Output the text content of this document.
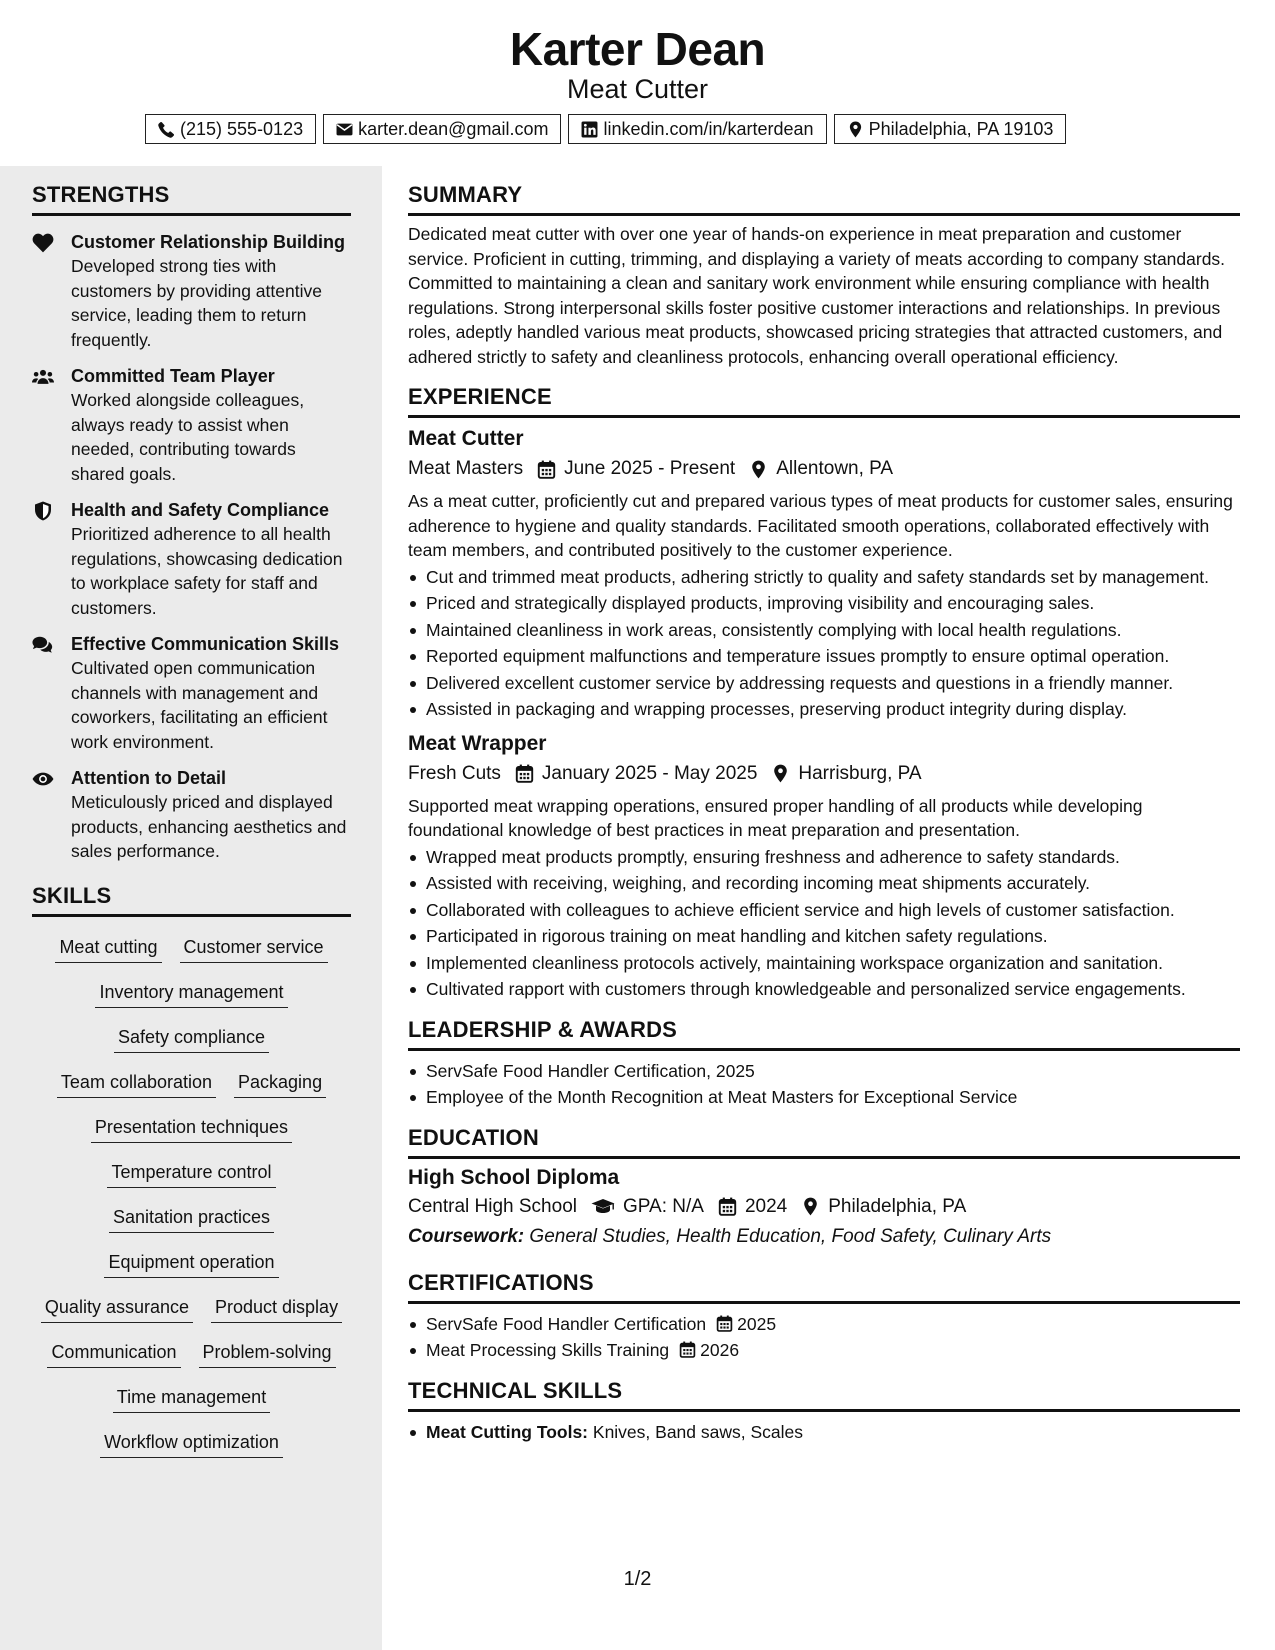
Karter Dean
Meat Cutter
(215) 555-0123	karter.dean@gmail.com	linkedin.com/in/karterdean	Philadelphia, PA 19103
STRENGTHS
Customer Relationship Building
Developed strong ties with customers by providing attentive service, leading them to return frequently.
Committed Team Player
Worked alongside colleagues, always ready to assist when needed, contributing towards shared goals.
Health and Safety Compliance
Prioritized adherence to all health regulations, showcasing dedication to workplace safety for staff and customers.
Effective Communication Skills
Cultivated open communication channels with management and coworkers, facilitating an efficient work environment.
Attention to Detail
Meticulously priced and displayed products, enhancing aesthetics and sales performance.
SKILLS
Meat cutting Customer service
Inventory management
Safety compliance
Team collaboration Packaging
Presentation techniques
Temperature control
Sanitation practices
Equipment operation
Quality assurance Product display
Communication Problem-solving
Time management
Workflow optimization
SUMMARY
Dedicated meat cutter with over one year of hands-on experience in meat preparation and customer service. Proficient in cutting, trimming, and displaying a variety of meats according to company standards. Committed to maintaining a clean and sanitary work environment while ensuring compliance with health regulations. Strong interpersonal skills foster positive customer interactions and relationships. In previous roles, adeptly handled various meat products, showcased pricing strategies that attracted customers, and adhered strictly to safety and cleanliness protocols, enhancing overall operational efficiency.
EXPERIENCE
Meat Cutter
Meat Masters June 2025 - Present Allentown, PA
As a meat cutter, proficiently cut and prepared various types of meat products for customer sales, ensuring adherence to hygiene and quality standards. Facilitated smooth operations, collaborated effectively with team members, and contributed positively to the customer experience.
Cut and trimmed meat products, adhering strictly to quality and safety standards set by management.
Priced and strategically displayed products, improving visibility and encouraging sales.
Maintained cleanliness in work areas, consistently complying with local health regulations.
Reported equipment malfunctions and temperature issues promptly to ensure optimal operation.
Delivered excellent customer service by addressing requests and questions in a friendly manner.
Assisted in packaging and wrapping processes, preserving product integrity during display.
Meat Wrapper
Fresh Cuts January 2025 - May 2025 Harrisburg, PA
Supported meat wrapping operations, ensured proper handling of all products while developing foundational knowledge of best practices in meat preparation and presentation.
Wrapped meat products promptly, ensuring freshness and adherence to safety standards.
Assisted with receiving, weighing, and recording incoming meat shipments accurately.
Collaborated with colleagues to achieve efficient service and high levels of customer satisfaction.
Participated in rigorous training on meat handling and kitchen safety regulations.
Implemented cleanliness protocols actively, maintaining workspace organization and sanitation.
Cultivated rapport with customers through knowledgeable and personalized service engagements.
LEADERSHIP & AWARDS
ServSafe Food Handler Certification, 2025
Employee of the Month Recognition at Meat Masters for Exceptional Service
EDUCATION
High School Diploma
Central High School GPA: N/A 2024 Philadelphia, PA
Coursework: General Studies, Health Education, Food Safety, Culinary Arts
CERTIFICATIONS
ServSafe Food Handler Certification 2025
Meat Processing Skills Training 2026
TECHNICAL SKILLS
Meat Cutting Tools: Knives, Band saws, Scales
1/2
